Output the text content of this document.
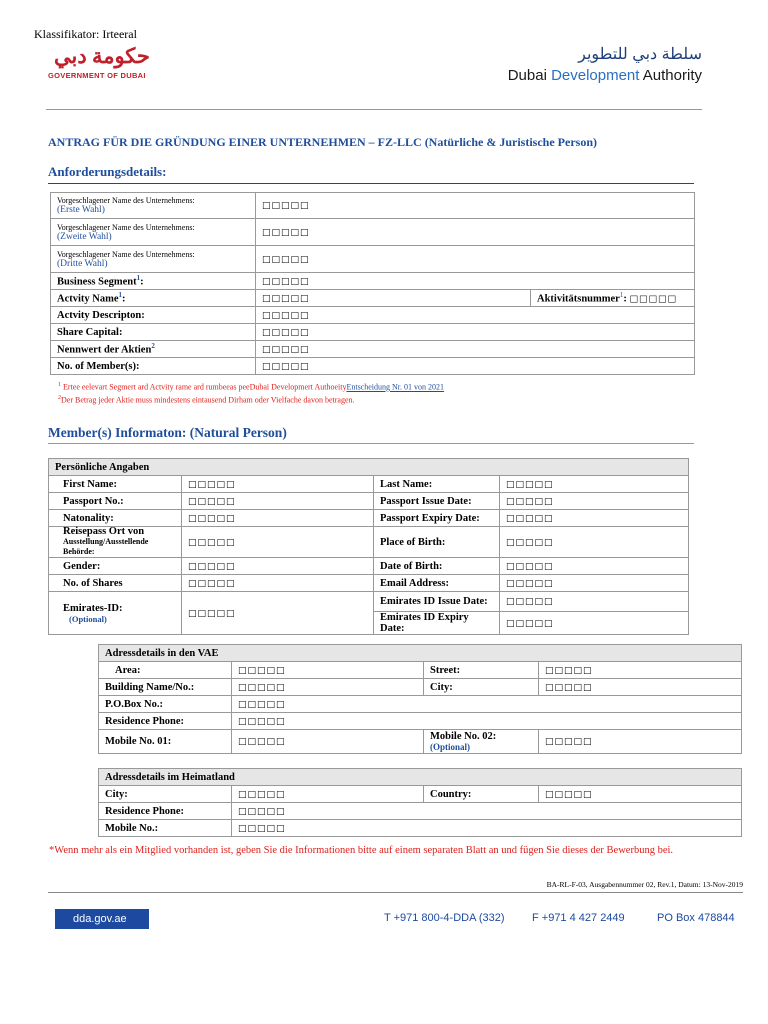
Klassifikator: Irteeral
حكومة دبي
GOVERNMENT OF DUBAI
سلطة دبي للتطوير
Dubai Development Authority
ANTRAG FÜR DIE GRÜNDUNG EINER UNTERNEHMEN – FZ-LLC (Natürliche & Juristische Person)
Anforderungsdetails:
Vorgeschlagener Name des Unternehmens:
(Erste Wahl)	□□□□□	

Vorgeschlagener Name des Unternehmens:
(Zweite Wahl)	□□□□□	

Vorgeschlagener Name des Unternehmens:
(Dritte Wahl)	□□□□□	
Business Segment$^1$:	□□□□□	
Actvity Name$^1$:	□□□□□	Aktivitätsnummer$^1$: □□□□□
Actvity Descripton:	□□□□□	
Share Capital:	□□□□□	
Nennwert der Aktien$^2$	□□□□□	
No. of Member(s):	□□□□□	
$^1$ Ertee eelevart Segmert ard Actvity rame ard rumbeeas peeDubai Developmert AuthoeityEntscheidung Nr. 01 von 2021
$^2$Der Betrag jeder Aktie muss mindestens eintausend Dirham oder Vielfache davon betragen.
Member(s) Informaton: (Natural Person)
Persönliche Angaben			
First Name:	□□□□□	Last Name:	□□□□□
Passport No.:	□□□□□	Passport Issue Date:	□□□□□
Natonality:	□□□□□	Passport Expiry Date:	□□□□□

Reisepass Ort von
Ausstellung/Ausstellende Behörde:	□□□□□	Place of Birth:	□□□□□
Gender:	□□□□□	Date of Birth:	□□□□□
No. of Shares	□□□□□	Email Address:	□□□□□

Emirates-ID:
(Optional)	□□□□□	Emirates ID Issue Date:	□□□□□
		Emirates ID Expiry Date:	□□□□□
Adressdetails in den VAE			
Area:	□□□□□	Street:	□□□□□
Building Name/No.:	□□□□□	City:	□□□□□
P.O.Box No.:	□□□□□		
Residence Phone:	□□□□□		
Mobile No. 01:	□□□□□	Mobile No. 02:
(Optional)	□□□□□
Adressdetails im Heimatland			
City:	□□□□□	Country:	□□□□□
Residence Phone:	□□□□□		
Mobile No.:	□□□□□		
*Wenn mehr als ein Mitglied vorhanden ist, geben Sie die Informationen bitte auf einem separaten Blatt an und fügen Sie dieses der Bewerbung bei.
BA-RL-F-03, Ausgabennummer 02, Rev.1, Datum: 13-Nov-2019
dda.gov.ae	T +971 800-4-DDA (332) F +971 4 427 2449	PO Box 478844
